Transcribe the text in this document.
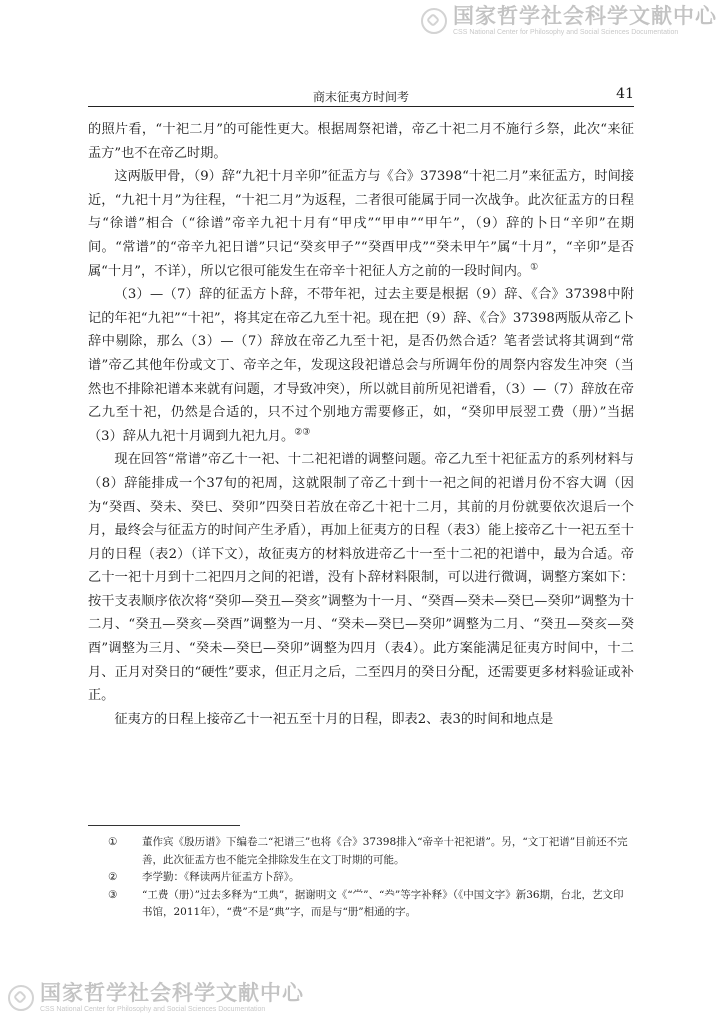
国家哲学社会科学文献中心
CSS National Center for Philosophy and Social Sciences Documentation
商末征夷方时间考	41

的照片看，“十祀二月”的可能性更大。根据周祭祀谱，帝乙十祀二月不施行彡祭，此次“来征盂方”也不在帝乙时期。

这两版甲骨，（9）辞“九祀十月辛卯”征盂方与《合》37398“十祀二月”来征盂方，时间接近，“九祀十月”为往程，“十祀二月”为返程，二者很可能属于同一次战争。此次征盂方的日程与“徐谱”相合（“徐谱”帝辛九祀十月有“甲戌”“甲申”“甲午”，（9）辞的卜日“辛卯”在期间。“常谱”的“帝辛九祀日谱”只记“癸亥甲子”“癸酉甲戌”“癸未甲午”属“十月”，“辛卯”是否属“十月”，不详），所以它很可能发生在帝辛十祀征人方之前的一段时间内。①

（3）—（7）辞的征盂方卜辞，不带年祀，过去主要是根据（9）辞、《合》37398中附记的年祀“九祀”“十祀”，将其定在帝乙九至十祀。现在把（9）辞、《合》37398两版从帝乙卜辞中剔除，那么（3）—（7）辞放在帝乙九至十祀，是否仍然合适？笔者尝试将其调到“常谱”帝乙其他年份或文丁、帝辛之年，发现这段祀谱总会与所调年份的周祭内容发生冲突（当然也不排除祀谱本来就有问题，才导致冲突），所以就目前所见祀谱看，（3）—（7）辞放在帝乙九至十祀，仍然是合适的，只不过个别地方需要修正，如，“癸卯甲辰翌工费（册）”当据（3）辞从九祀十月调到九祀九月。②③

现在回答“常谱”帝乙十一祀、十二祀祀谱的调整问题。帝乙九至十祀征盂方的系列材料与（8）辞能排成一个37旬的祀周，这就限制了帝乙十到十一祀之间的祀谱月份不容大调（因为“癸酉、癸未、癸巳、癸卯”四癸日若放在帝乙十祀十二月，其前的月份就要依次退后一个月，最终会与征盂方的时间产生矛盾），再加上征夷方的日程（表3）能上接帝乙十一祀五至十月的日程（表2）（详下文），故征夷方的材料放进帝乙十一至十二祀的祀谱中，最为合适。帝乙十一祀十月到十二祀四月之间的祀谱，没有卜辞材料限制，可以进行微调，调整方案如下：按干支表顺序依次将“癸卯—癸丑—癸亥”调整为十一月、“癸酉—癸未—癸巳—癸卯”调整为十二月、“癸丑—癸亥—癸酉”调整为一月、“癸未—癸巳—癸卯”调整为二月、“癸丑—癸亥—癸酉”调整为三月、“癸未—癸巳—癸卯”调整为四月（表4）。此方案能满足征夷方时间中，十二月、正月对癸日的“硬性”要求，但正月之后，二至四月的癸日分配，还需要更多材料验证或补正。

征夷方的日程上接帝乙十一祀五至十月的日程，即表2、表3的时间和地点是

①	董作宾《殷历谱》下编卷二“祀谱三”也将《合》37398排入“帝辛十祀祀谱”。另，“文丁祀谱”目前还不完善，此次征盂方也不能完全排除发生在文丁时期的可能。
②	李学勤：《释读两片征盂方卜辞》。
③	“工费（册）”过去多释为“工典”，据谢明文《“龸”、“龹”等字补释》（《中国文字》新36期，台北，艺文印书馆，2011年），“费”不是“典”字，而是与“册”相通的字。
国家哲学社会科学文献中心
CSS National Center for Philosophy and Social Sciences Documentation
